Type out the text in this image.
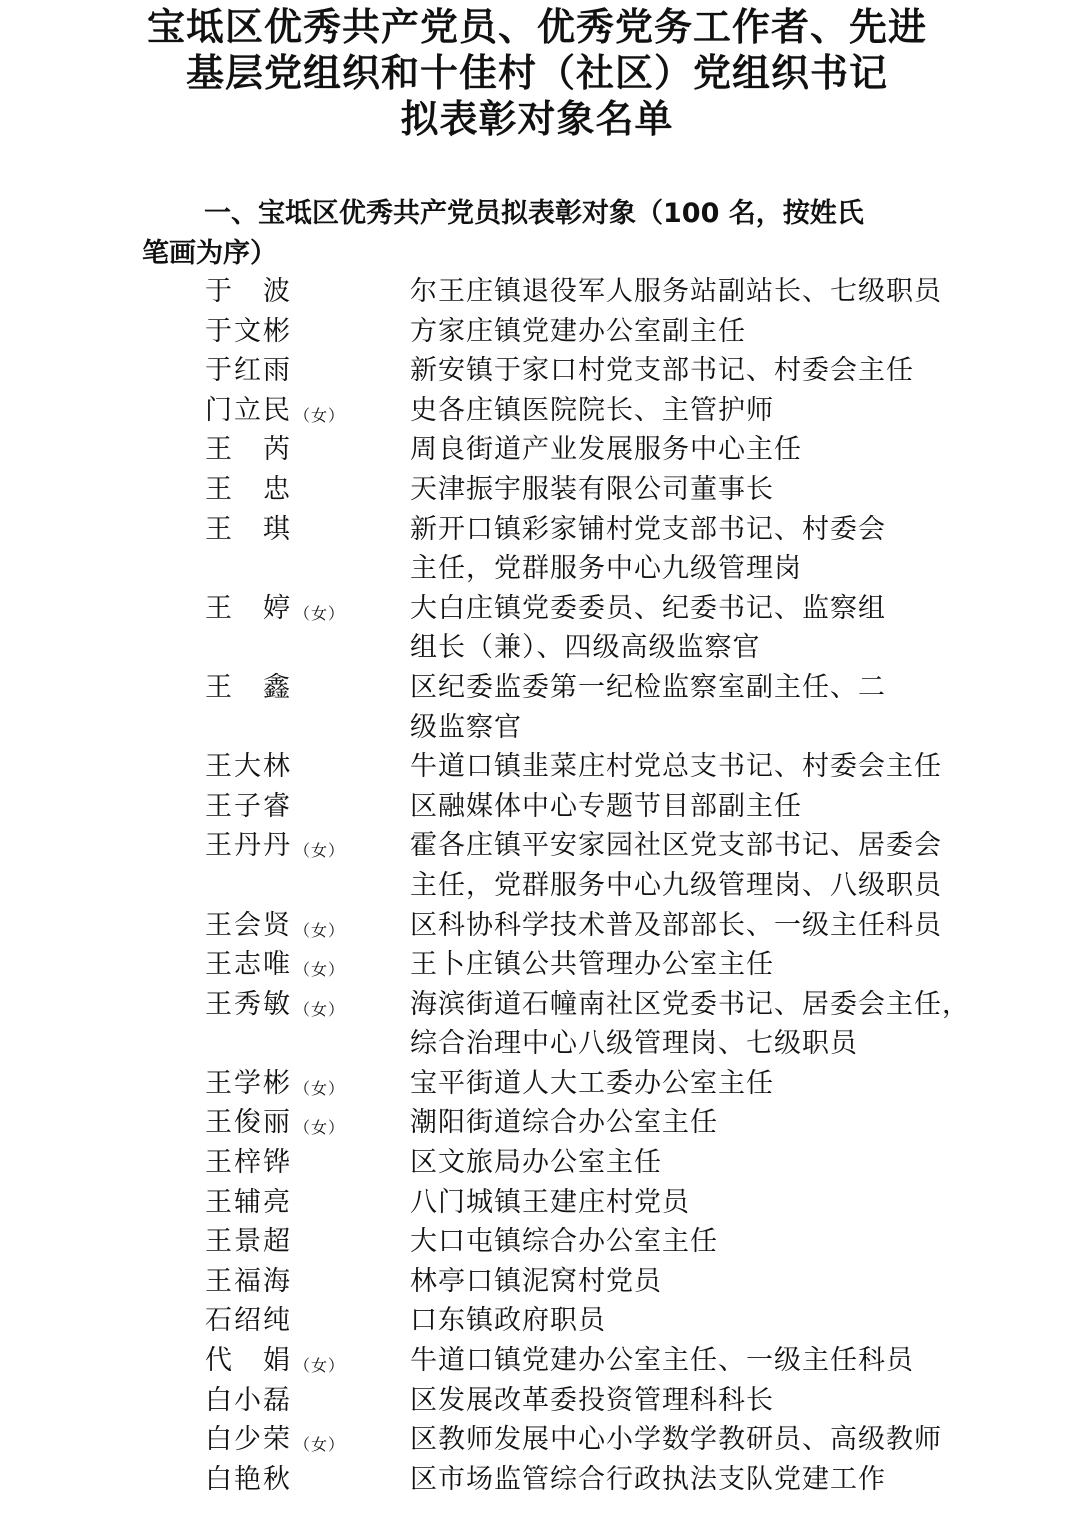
宝坻区优秀共产党员、优秀党务工作者、先进
基层党组织和十佳村（社区）党组织书记
拟表彰对象名单
一、宝坻区优秀共产党员拟表彰对象（100 名，按姓氏
笔画为序）
于　波	尔王庄镇退役军人服务站副站长、七级职员
于文彬	方家庄镇党建办公室副主任
于红雨	新安镇于家口村党支部书记、村委会主任
门立民 （女）	史各庄镇医院院长、主管护师
王　芮	周良街道产业发展服务中心主任
王　忠	天津振宇服装有限公司董事长
王　琪	新开口镇彩家铺村党支部书记、村委会
主任，党群服务中心九级管理岗
王　婷 （女）	大白庄镇党委委员、纪委书记、监察组
组长（兼）、四级高级监察官
王　鑫	区纪委监委第一纪检监察室副主任、二
级监察官
王大林	牛道口镇韭菜庄村党总支书记、村委会主任
王子睿	区融媒体中心专题节目部副主任
王丹丹 （女）	霍各庄镇平安家园社区党支部书记、居委会
主任，党群服务中心九级管理岗、八级职员
王会贤 （女）	区科协科学技术普及部部长、一级主任科员
王志唯 （女）	王卜庄镇公共管理办公室主任
王秀敏 （女）	海滨街道石幢南社区党委书记、居委会主任，
综合治理中心八级管理岗、七级职员
王学彬 （女）	宝平街道人大工委办公室主任
王俊丽 （女）	潮阳街道综合办公室主任
王梓铧	区文旅局办公室主任
王辅亮	八门城镇王建庄村党员
王景超	大口屯镇综合办公室主任
王福海	林亭口镇泥窝村党员
石绍纯	口东镇政府职员
代　娟 （女）	牛道口镇党建办公室主任、一级主任科员
白小磊	区发展改革委投资管理科科长
白少荣 （女）	区教师发展中心小学数学教研员、高级教师
白艳秋	区市场监管综合行政执法支队党建工作
